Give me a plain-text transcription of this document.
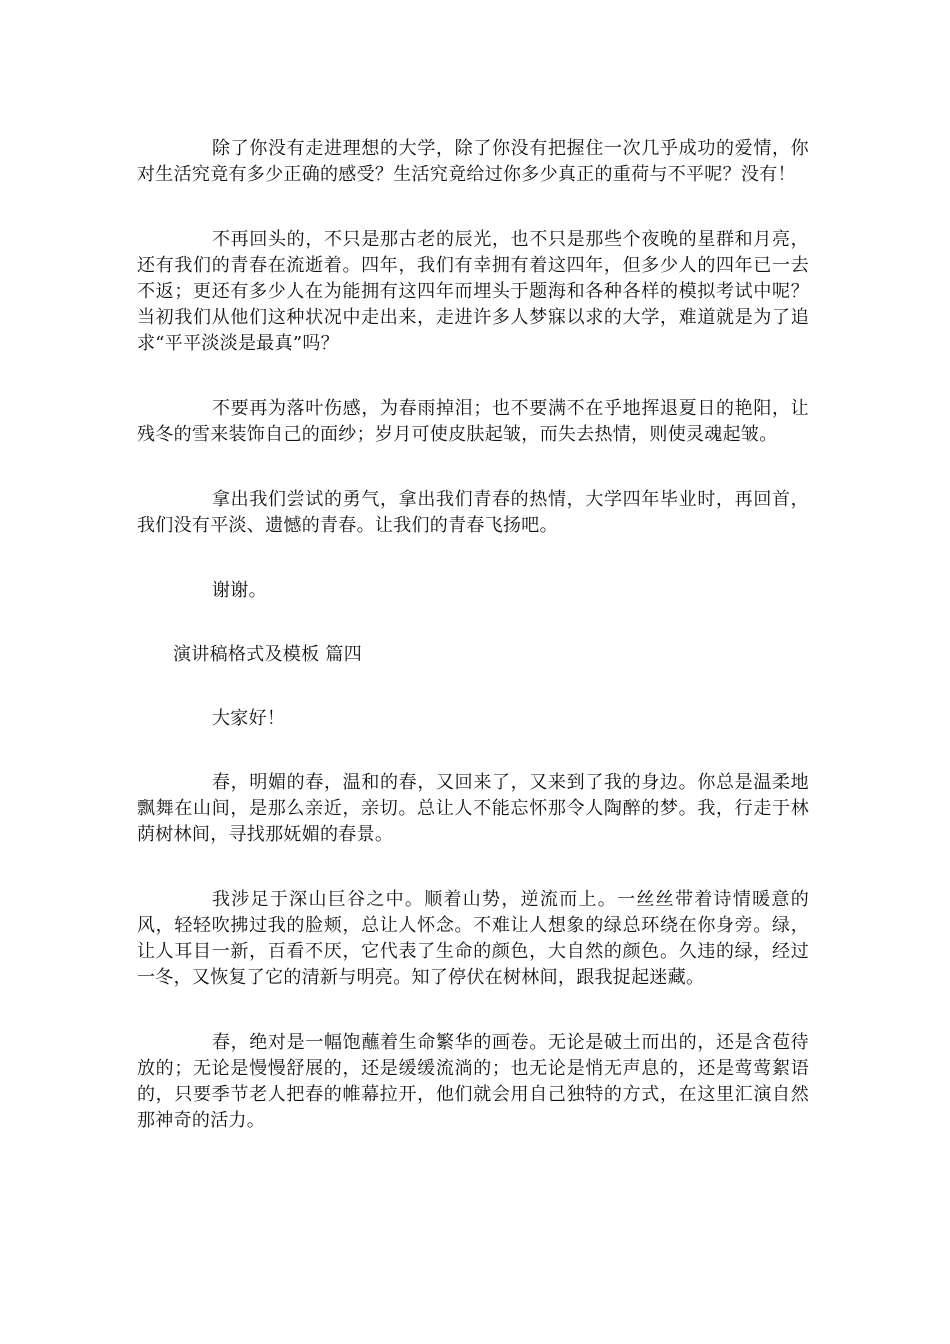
除了你没有走进理想的大学，除了你没有把握住一次几乎成功的爱情，你对生活究竟有多少正确的感受？生活究竟给过你多少真正的重荷与不平呢？没有！

不再回头的，不只是那古老的辰光，也不只是那些个夜晚的星群和月亮，还有我们的青春在流逝着。四年，我们有幸拥有着这四年，但多少人的四年已一去不返；更还有多少人在为能拥有这四年而埋头于题海和各种各样的模拟考试中呢？当初我们从他们这种状况中走出来，走进许多人梦寐以求的大学，难道就是为了追求“平平淡淡是最真”吗？

不要再为落叶伤感，为春雨掉泪；也不要满不在乎地挥退夏日的艳阳，让残冬的雪来装饰自己的面纱；岁月可使皮肤起皱，而失去热情，则使灵魂起皱。

拿出我们尝试的勇气，拿出我们青春的热情，大学四年毕业时，再回首，我们没有平淡、遗憾的青春。让我们的青春飞扬吧。

谢谢。

演讲稿格式及模板 篇四

大家好！

春，明媚的春，温和的春，又回来了，又来到了我的身边。你总是温柔地飘舞在山间，是那么亲近，亲切。总让人不能忘怀那令人陶醉的梦。我，行走于林荫树林间，寻找那妩媚的春景。

我涉足于深山巨谷之中。顺着山势，逆流而上。一丝丝带着诗情暖意的风，轻轻吹拂过我的脸颊，总让人怀念。不难让人想象的绿总环绕在你身旁。绿，让人耳目一新，百看不厌，它代表了生命的颜色，大自然的颜色。久违的绿，经过一冬，又恢复了它的清新与明亮。知了停伏在树林间，跟我捉起迷藏。

春，绝对是一幅饱蘸着生命繁华的画卷。无论是破土而出的，还是含苞待放的；无论是慢慢舒展的，还是缓缓流淌的；也无论是悄无声息的，还是莺莺絮语的，只要季节老人把春的帷幕拉开，他们就会用自己独特的方式，在这里汇演自然那神奇的活力。
